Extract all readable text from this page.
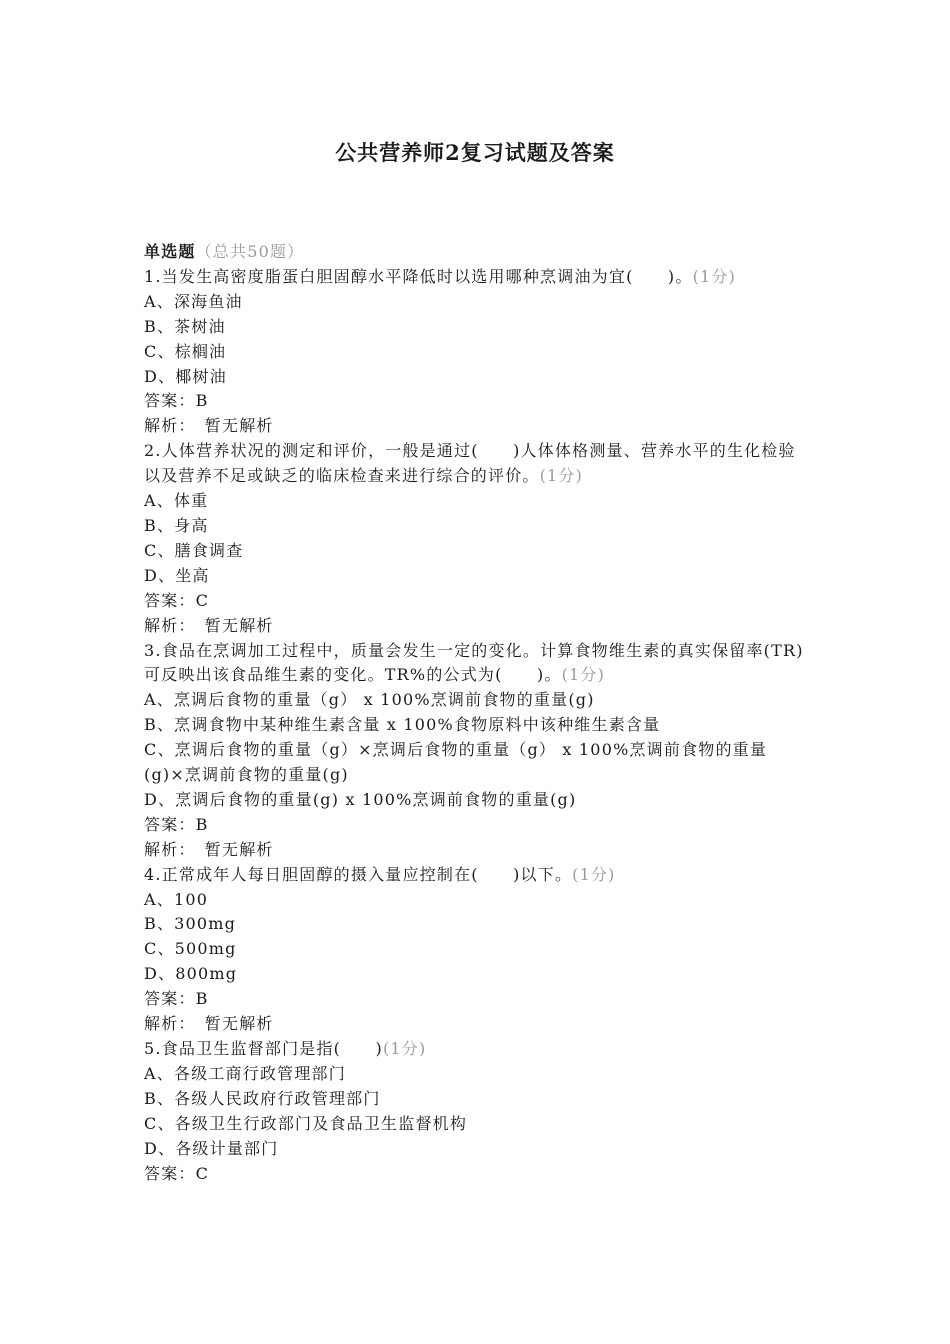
公共营养师2复习试题及答案
单选题（总共50题）
1.当发生高密度脂蛋白胆固醇水平降低时以选用哪种烹调油为宜(　　)。(1分)
A、深海鱼油
B、茶树油
C、棕榈油
D、椰树油
答案：B
解析：　暂无解析
2.人体营养状况的测定和评价，一般是通过(　　)人体体格测量、营养水平的生化检验以及营养不足或缺乏的临床检查来进行综合的评价。(1分)
A、体重
B、身高
C、膳食调查
D、坐高
答案：C
解析：　暂无解析
3.食品在烹调加工过程中，质量会发生一定的变化。计算食物维生素的真实保留率(TR)可反映出该食品维生素的变化。TR%的公式为(　　)。(1分)
A、烹调后食物的重量（g） x 100%烹调前食物的重量(g)
B、烹调食物中某种维生素含量 x 100%食物原料中该种维生素含量
C、烹调后食物的重量（g）×烹调后食物的重量（g） x 100%烹调前食物的重量(g)×烹调前食物的重量(g)
D、烹调后食物的重量(g) x 100%烹调前食物的重量(g)
答案：B
解析：　暂无解析
4.正常成年人每日胆固醇的摄入量应控制在(　　)以下。(1分)
A、100
B、300mg
C、500mg
D、800mg
答案：B
解析：　暂无解析
5.食品卫生监督部门是指(　　)(1分)
A、各级工商行政管理部门
B、各级人民政府行政管理部门
C、各级卫生行政部门及食品卫生监督机构
D、各级计量部门
答案：C
